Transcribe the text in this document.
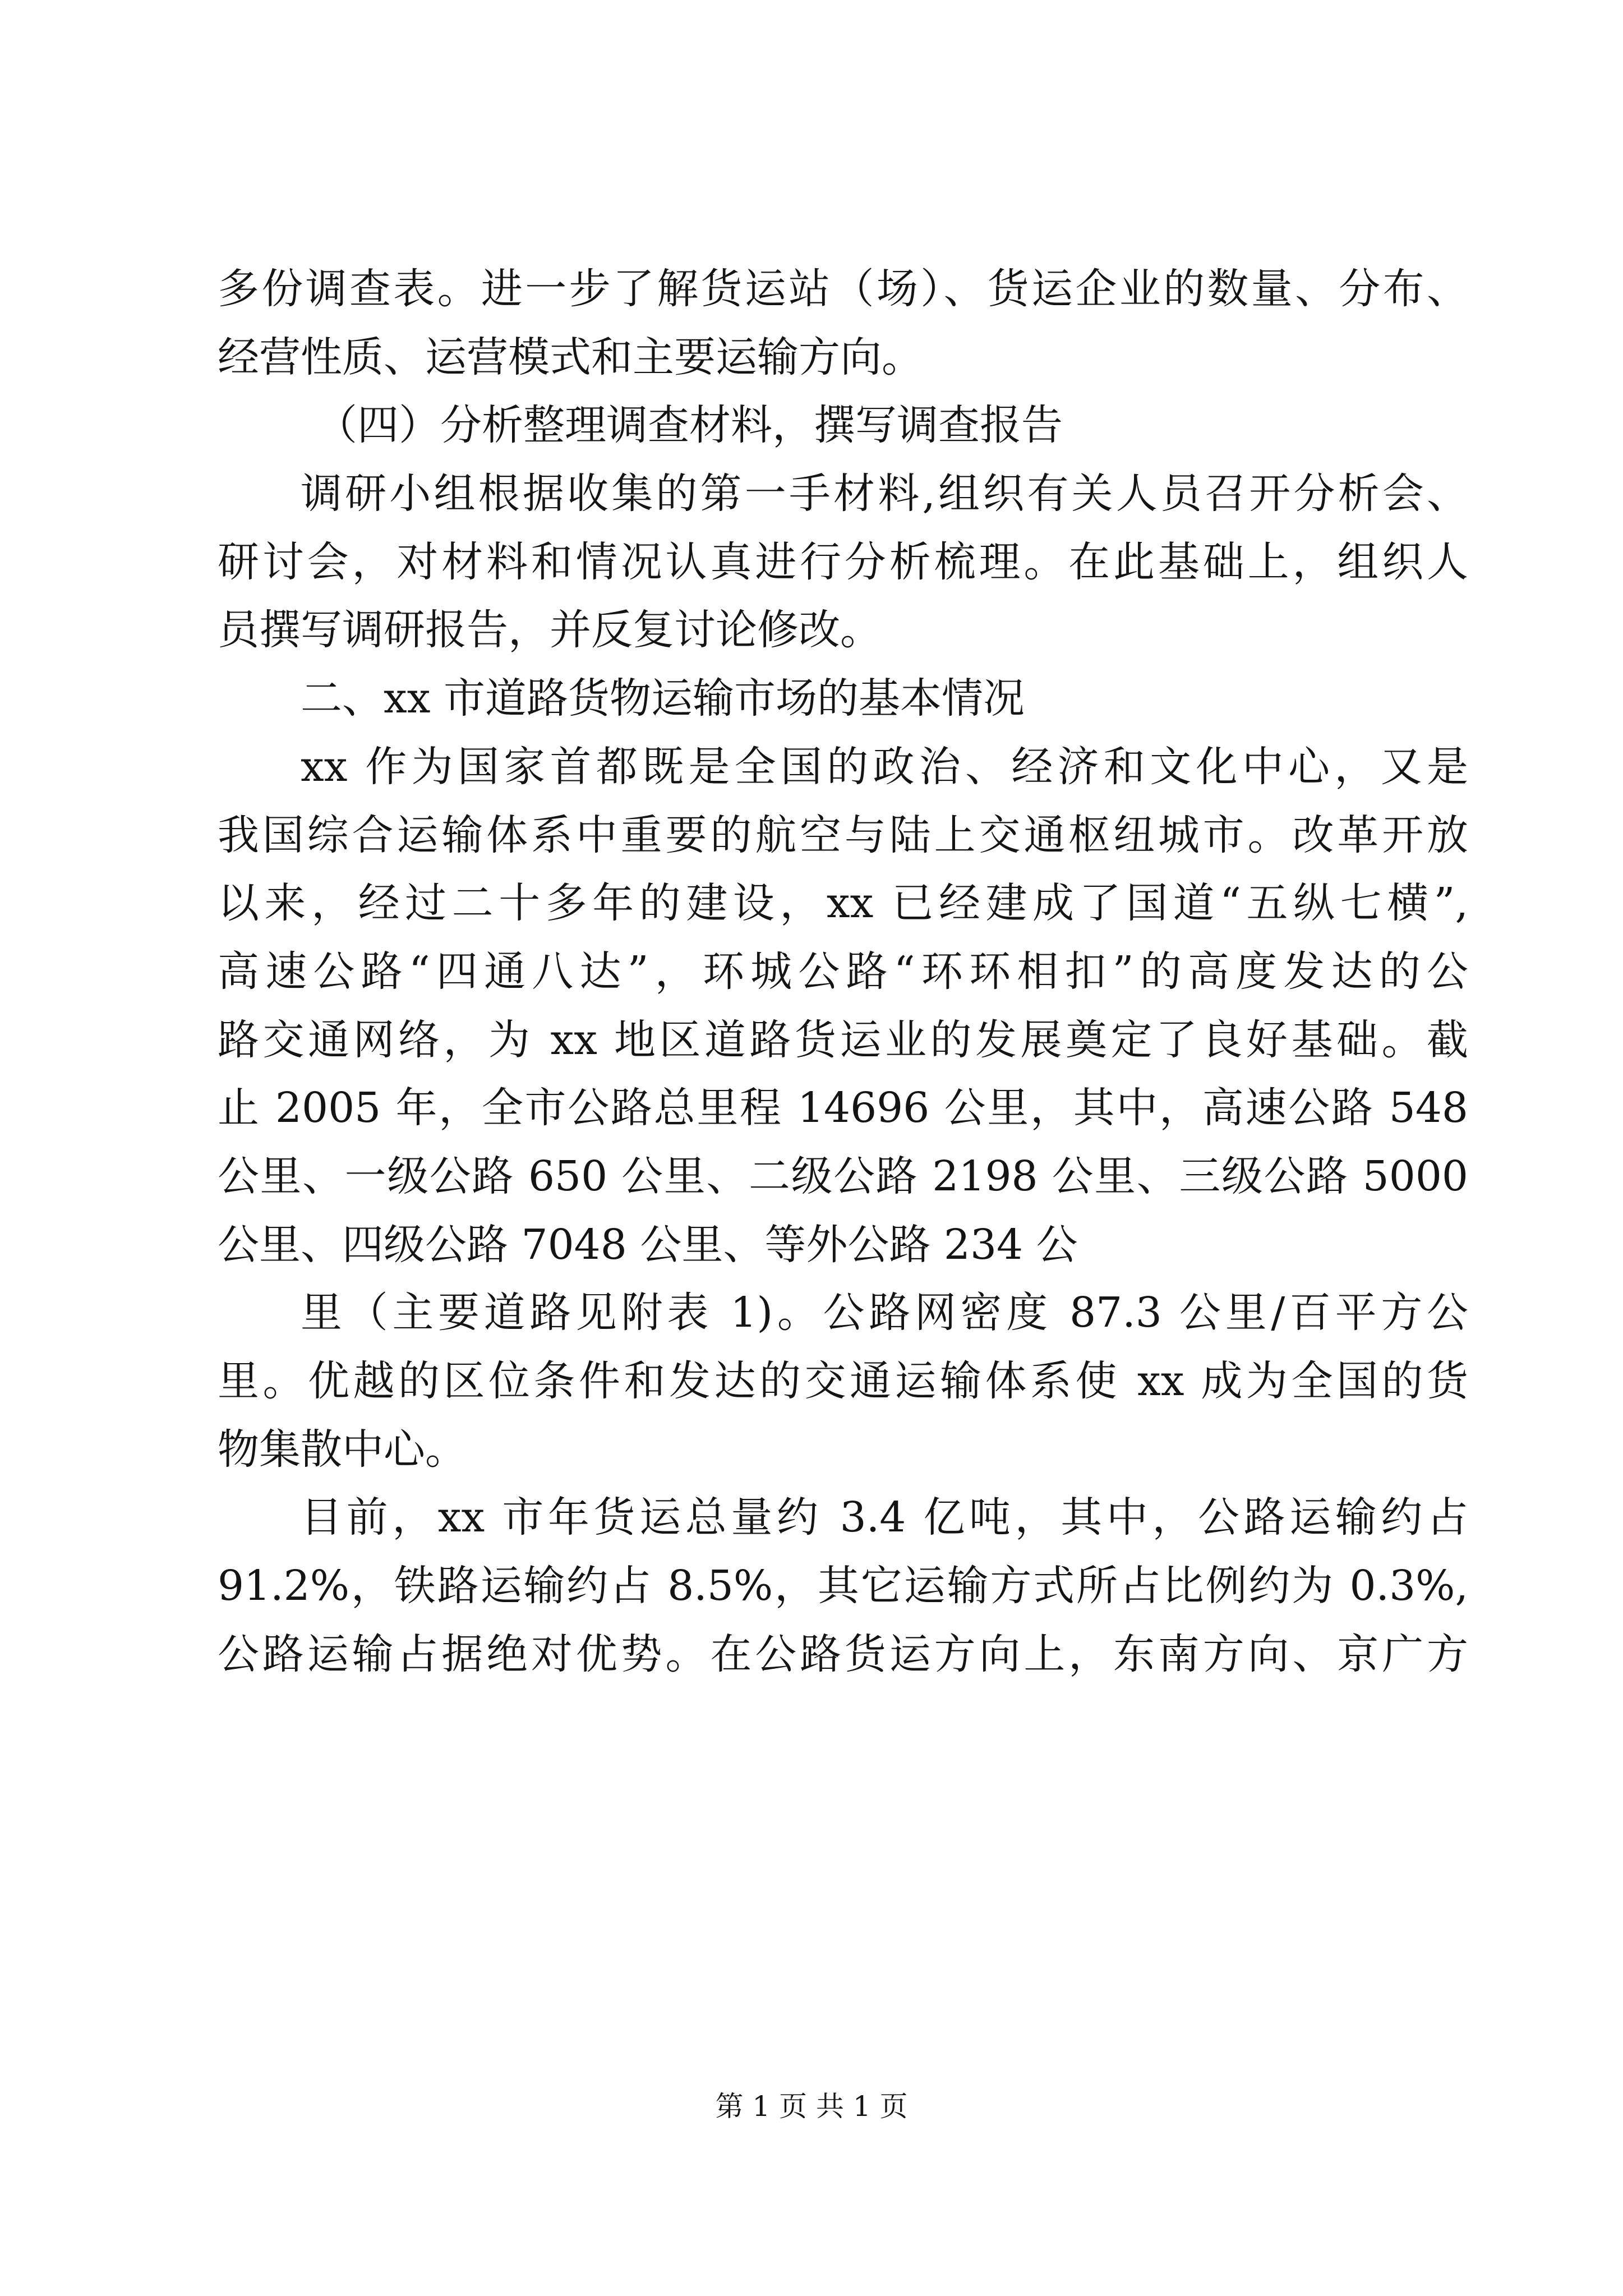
多份调查表。进一步了解货运站（场）、货运企业的数量、分布、
经营性质、运营模式和主要运输方向。
（四）分析整理调查材料，撰写调查报告
调研小组根据收集的第一手材料,组织有关人员召开分析会、
研讨会，对材料和情况认真进行分析梳理。在此基础上，组织人
员撰写调研报告，并反复讨论修改。
二、xx 市道路货物运输市场的基本情况
xx 作为国家首都既是全国的政治、经济和文化中心，又是
我国综合运输体系中重要的航空与陆上交通枢纽城市。改革开放
以来，经过二十多年的建设，xx 已经建成了国道“五纵七横”,
高速公路“四通八达”，环城公路“环环相扣”的高度发达的公
路交通网络，为 xx 地区道路货运业的发展奠定了良好基础。截
止 2005 年，全市公路总里程 14696 公里，其中，高速公路 548
公里、一级公路 650 公里、二级公路 2198 公里、三级公路 5000
公里、四级公路 7048 公里、等外公路 234 公
里（主要道路见附表 1)。公路网密度 87.3 公里/百平方公
里。优越的区位条件和发达的交通运输体系使 xx 成为全国的货
物集散中心。
目前，xx 市年货运总量约 3.4 亿吨，其中，公路运输约占
91.2%，铁路运输约占 8.5%，其它运输方式所占比例约为 0.3%,
公路运输占据绝对优势。在公路货运方向上，东南方向、京广方
第 1 页 共 1 页
